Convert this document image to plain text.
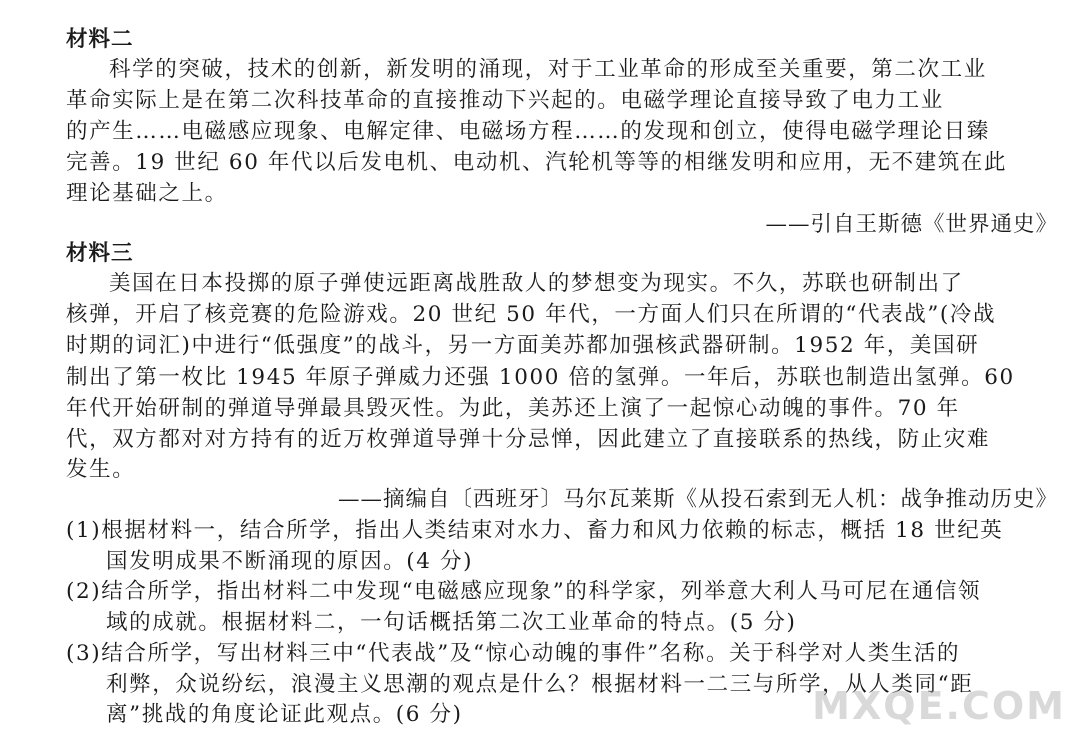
材料二
科学的突破，技术的创新，新发明的涌现，对于工业革命的形成至关重要，第二次工业
革命实际上是在第二次科技革命的直接推动下兴起的。电磁学理论直接导致了电力工业
的产生……电磁感应现象、电解定律、电磁场方程……的发现和创立，使得电磁学理论日臻
完善。19 世纪 60 年代以后发电机、电动机、汽轮机等等的相继发明和应用，无不建筑在此
理论基础之上。
——引自王斯德《世界通史》
材料三
美国在日本投掷的原子弹使远距离战胜敌人的梦想变为现实。不久，苏联也研制出了
核弹，开启了核竞赛的危险游戏。20 世纪 50 年代，一方面人们只在所谓的“代表战”(冷战
时期的词汇)中进行“低强度”的战斗，另一方面美苏都加强核武器研制。1952 年，美国研
制出了第一枚比 1945 年原子弹威力还强 1000 倍的氢弹。一年后，苏联也制造出氢弹。60
年代开始研制的弹道导弹最具毁灭性。为此，美苏还上演了一起惊心动魄的事件。70 年
代，双方都对对方持有的近万枚弹道导弹十分忌惮，因此建立了直接联系的热线，防止灾难
发生。
——摘编自〔西班牙〕马尔瓦莱斯《从投石索到无人机：战争推动历史》
(1)根据材料一，结合所学，指出人类结束对水力、畜力和风力依赖的标志，概括 18 世纪英
国发明成果不断涌现的原因。(4 分)
(2)结合所学，指出材料二中发现“电磁感应现象”的科学家，列举意大利人马可尼在通信领
域的成就。根据材料二，一句话概括第二次工业革命的特点。(5 分)
(3)结合所学，写出材料三中“代表战”及“惊心动魄的事件”名称。关于科学对人类生活的
利弊，众说纷纭，浪漫主义思潮的观点是什么？根据材料一二三与所学，从人类同“距
离”挑战的角度论证此观点。(6 分)	MXQE.COM
